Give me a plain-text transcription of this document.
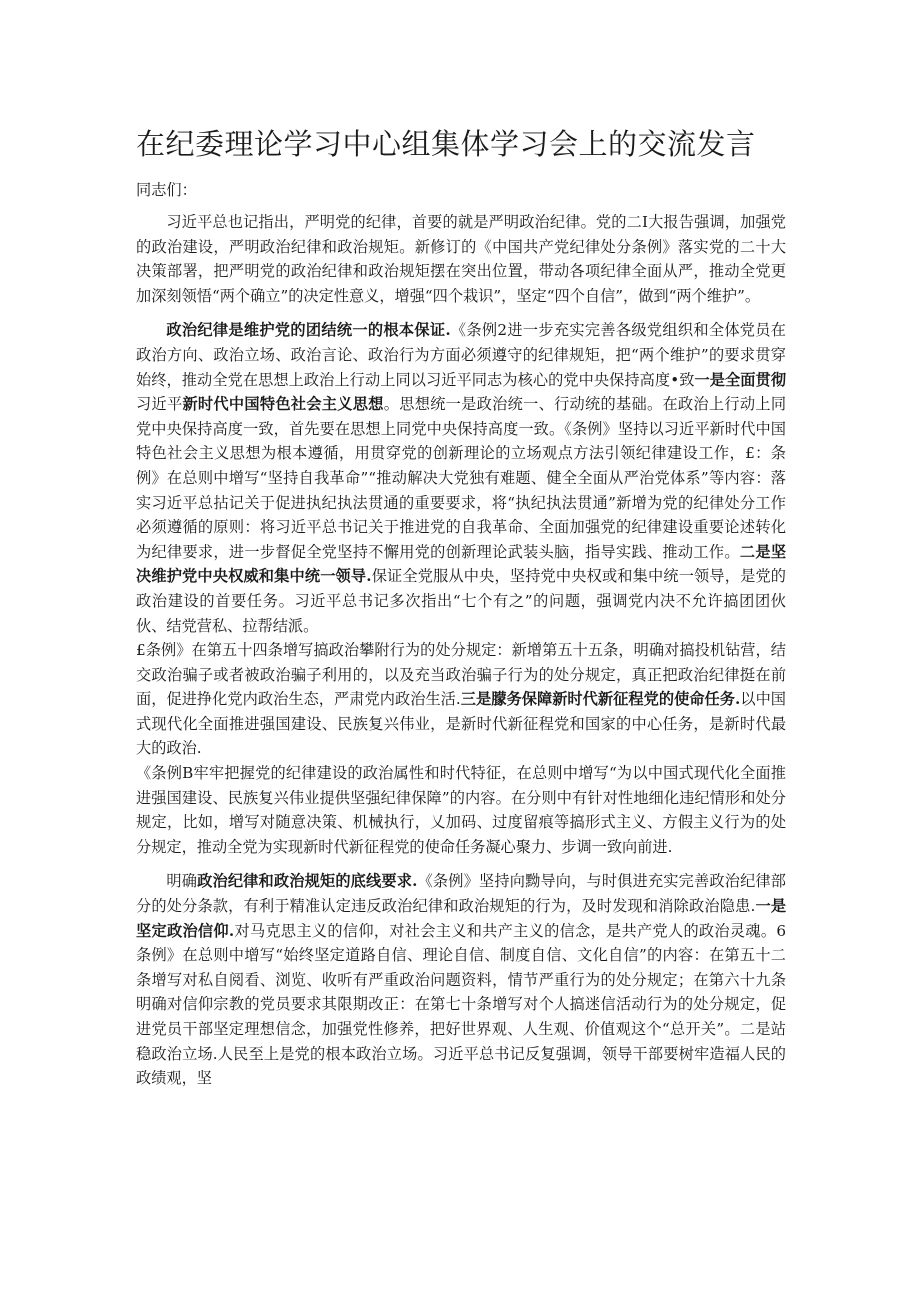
在纪委理论学习中心组集体学习会上的交流发言
同志们：

习近平总也记指出，严明党的纪律，首要的就是严明政治纪律。党的二I大报告强调，加强党的政治建设，严明政治纪律和政治规矩。新修订的《中国共产党纪律处分条例》落实党的二十大决策部署，把严明党的政治纪律和政治规矩摆在突出位置，带动各项纪律全面从严，推动全党更加深刻领悟“两个确立”的决定性意义，增强“四个栽识”，坚定“四个自信”，做到“两个维护”。

政治纪律是维护党的团结统一的根本保证.《条例2进一步充实完善各级党组织和全体党员在政治方向、政治立场、政治言论、政治行为方面必须遵守的纪律规矩，把“两个维护”的要求贯穿始终，推动全党在思想上政治上行动上同以习近平同志为核心的党中央保持高度•致一是全面贯彻习近平新时代中国特色社会主义思想。思想统一是政治统一、行动统的基础。在政治上行动上同党中央保持高度一致，首先要在思想上同党中央保持高度一致。《条例》坚持以习近平新时代中国特色社会主义思想为根本遵循，用贯穿党的创新理论的立场观点方法引领纪律建设工作，£：条例》在总则中增写“坚持自我革命”“推动解决大党独有难题、健全全面从严治党体系”等内容：落实习近平总拈记关于促进执纪执法贯通的重要要求，将“执纪执法贯通”新增为党的纪律处分工作必须遵循的原则：将习近平总书记关于推进党的自我革命、全面加强党的纪律建设重要论述转化为纪律要求，进一步督促全党坚持不懈用党的创新理论武装头脑，指导实践、推动工作。二是坚决维护党中央权威和集中统一领导.保证全党服从中央，坚持党中央权或和集中统一领导，是党的政治建设的首要任务。习近平总书记多次指出“七个有之”的问题，强调党内决不允许搞团团伙伙、结党营私、拉帮结派。

£条例》在第五十四条增写搞政治攀附行为的处分规定：新增第五十五条，明确对搞投机钻营，结交政治骗子或者被政治骗子利用的，以及充当政治骗子行为的处分规定，真正把政治纪律挺在前面，促进挣化党内政治生态，严肃党内政治生活.三是朦务保障新时代新征程党的使命任务.以中国式现代化全面推进强国建设、民族复兴伟业，是新时代新征程党和国家的中心任务，是新时代最大的政治.

《条例B牢牢把握党的纪律建设的政治属性和时代特征，在总则中增写“为以中国式现代化全面推进强国建设、民族复兴伟业提供坚强纪律保障”的内容。在分则中有针对性地细化违纪情形和处分规定，比如，增写对随意决策、机械执行，乂加码、过度留痕等搞形式主义、方假主义行为的处分规定，推动全党为实现新时代新征程党的使命任务凝心聚力、步调一致向前进.

明确政治纪律和政治规矩的底线要求.《条例》坚持向黝导向，与时俱进充实完善政治纪律部分的处分条款，有利于精准认定违反政治纪律和政治规矩的行为，及时发现和消除政治隐患.一是坚定政治信仰.对马克思主义的信仰，对社会主义和共产主义的信念，是共产党人的政治灵魂。6条例》在总则中增写“始终坚定道路自信、理论自信、制度自信、文化自信”的内容：在第五十二条增写对私自阅看、浏览、收听有严重政治问题资料，情节严重行为的处分规定；在第六十九条明确对信仰宗教的党员要求其限期改正：在第七十条增写对个人搞迷信活动行为的处分规定，促进党员干部坚定理想信念，加强党性修养，把好世界观、人生观、价值观这个“总开关”。二是站稳政治立场.人民至上是党的根本政治立场。习近平总书记反复强调，领导干部要树牢造福人民的政绩观，坚
